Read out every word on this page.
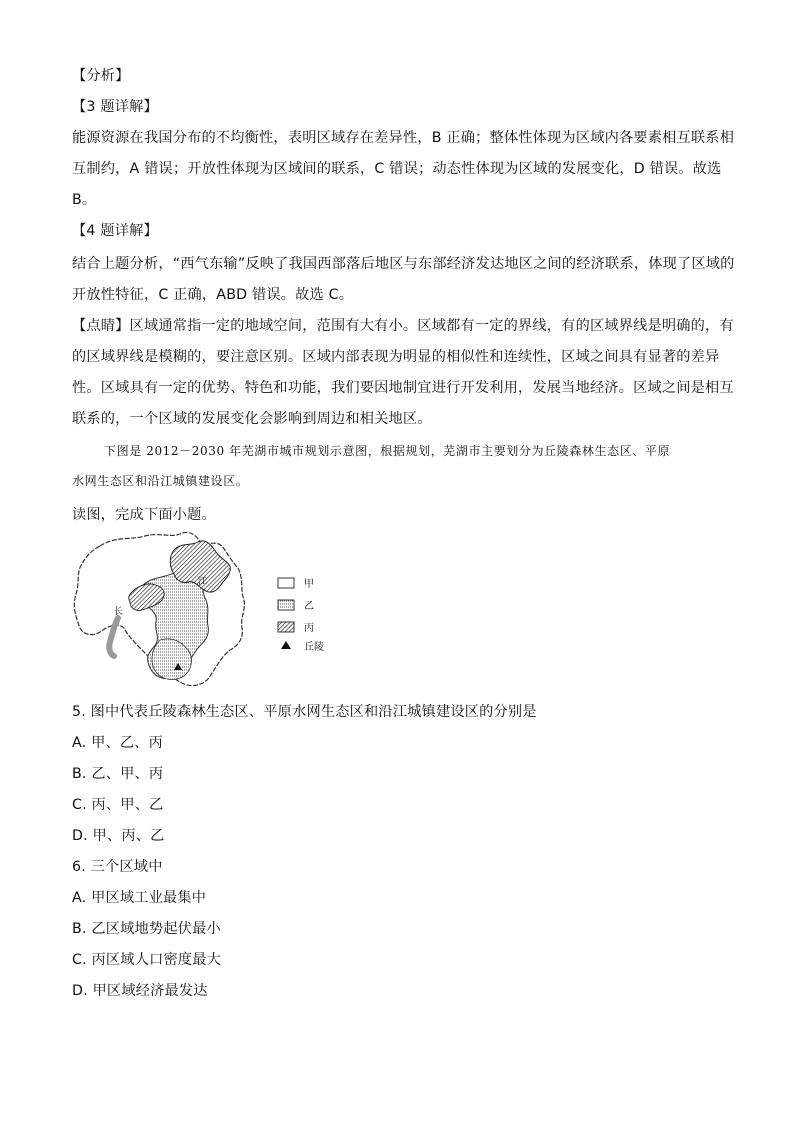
【分析】
【3 题详解】
能源资源在我国分布的不均衡性，表明区域存在差异性，B 正确；整体性体现为区域内各要素相互联系相
互制约，A 错误；开放性体现为区域间的联系，C 错误；动态性体现为区域的发展变化，D 错误。故选
B。
【4 题详解】
结合上题分析，“西气东输”反映了我国西部落后地区与东部经济发达地区之间的经济联系，体现了区域的
开放性特征，C 正确，ABD 错误。故选 C。
【点睛】区域通常指一定的地域空间，范围有大有小。区域都有一定的界线，有的区域界线是明确的，有
的区域界线是模糊的，要注意区别。区域内部表现为明显的相似性和连续性，区域之间具有显著的差异
性。区域具有一定的优势、特色和功能，我们要因地制宜进行开发利用，发展当地经济。区域之间是相互
联系的，一个区域的发展变化会影响到周边和相关地区。
下图是 2012－2030 年芜湖市城市规划示意图，根据规划，芜湖市主要划分为丘陵森林生态区、平原
水网生态区和沿江城镇建设区。
读图，完成下面小题。
江
长
甲
乙
丙
丘陵
5. 图中代表丘陵森林生态区、平原水网生态区和沿江城镇建设区的分别是
A. 甲、乙、丙
B. 乙、甲、丙
C. 丙、甲、乙
D. 甲、丙、乙
6. 三个区域中
A. 甲区域工业最集中
B. 乙区域地势起伏最小
C. 丙区域人口密度最大
D. 甲区域经济最发达
